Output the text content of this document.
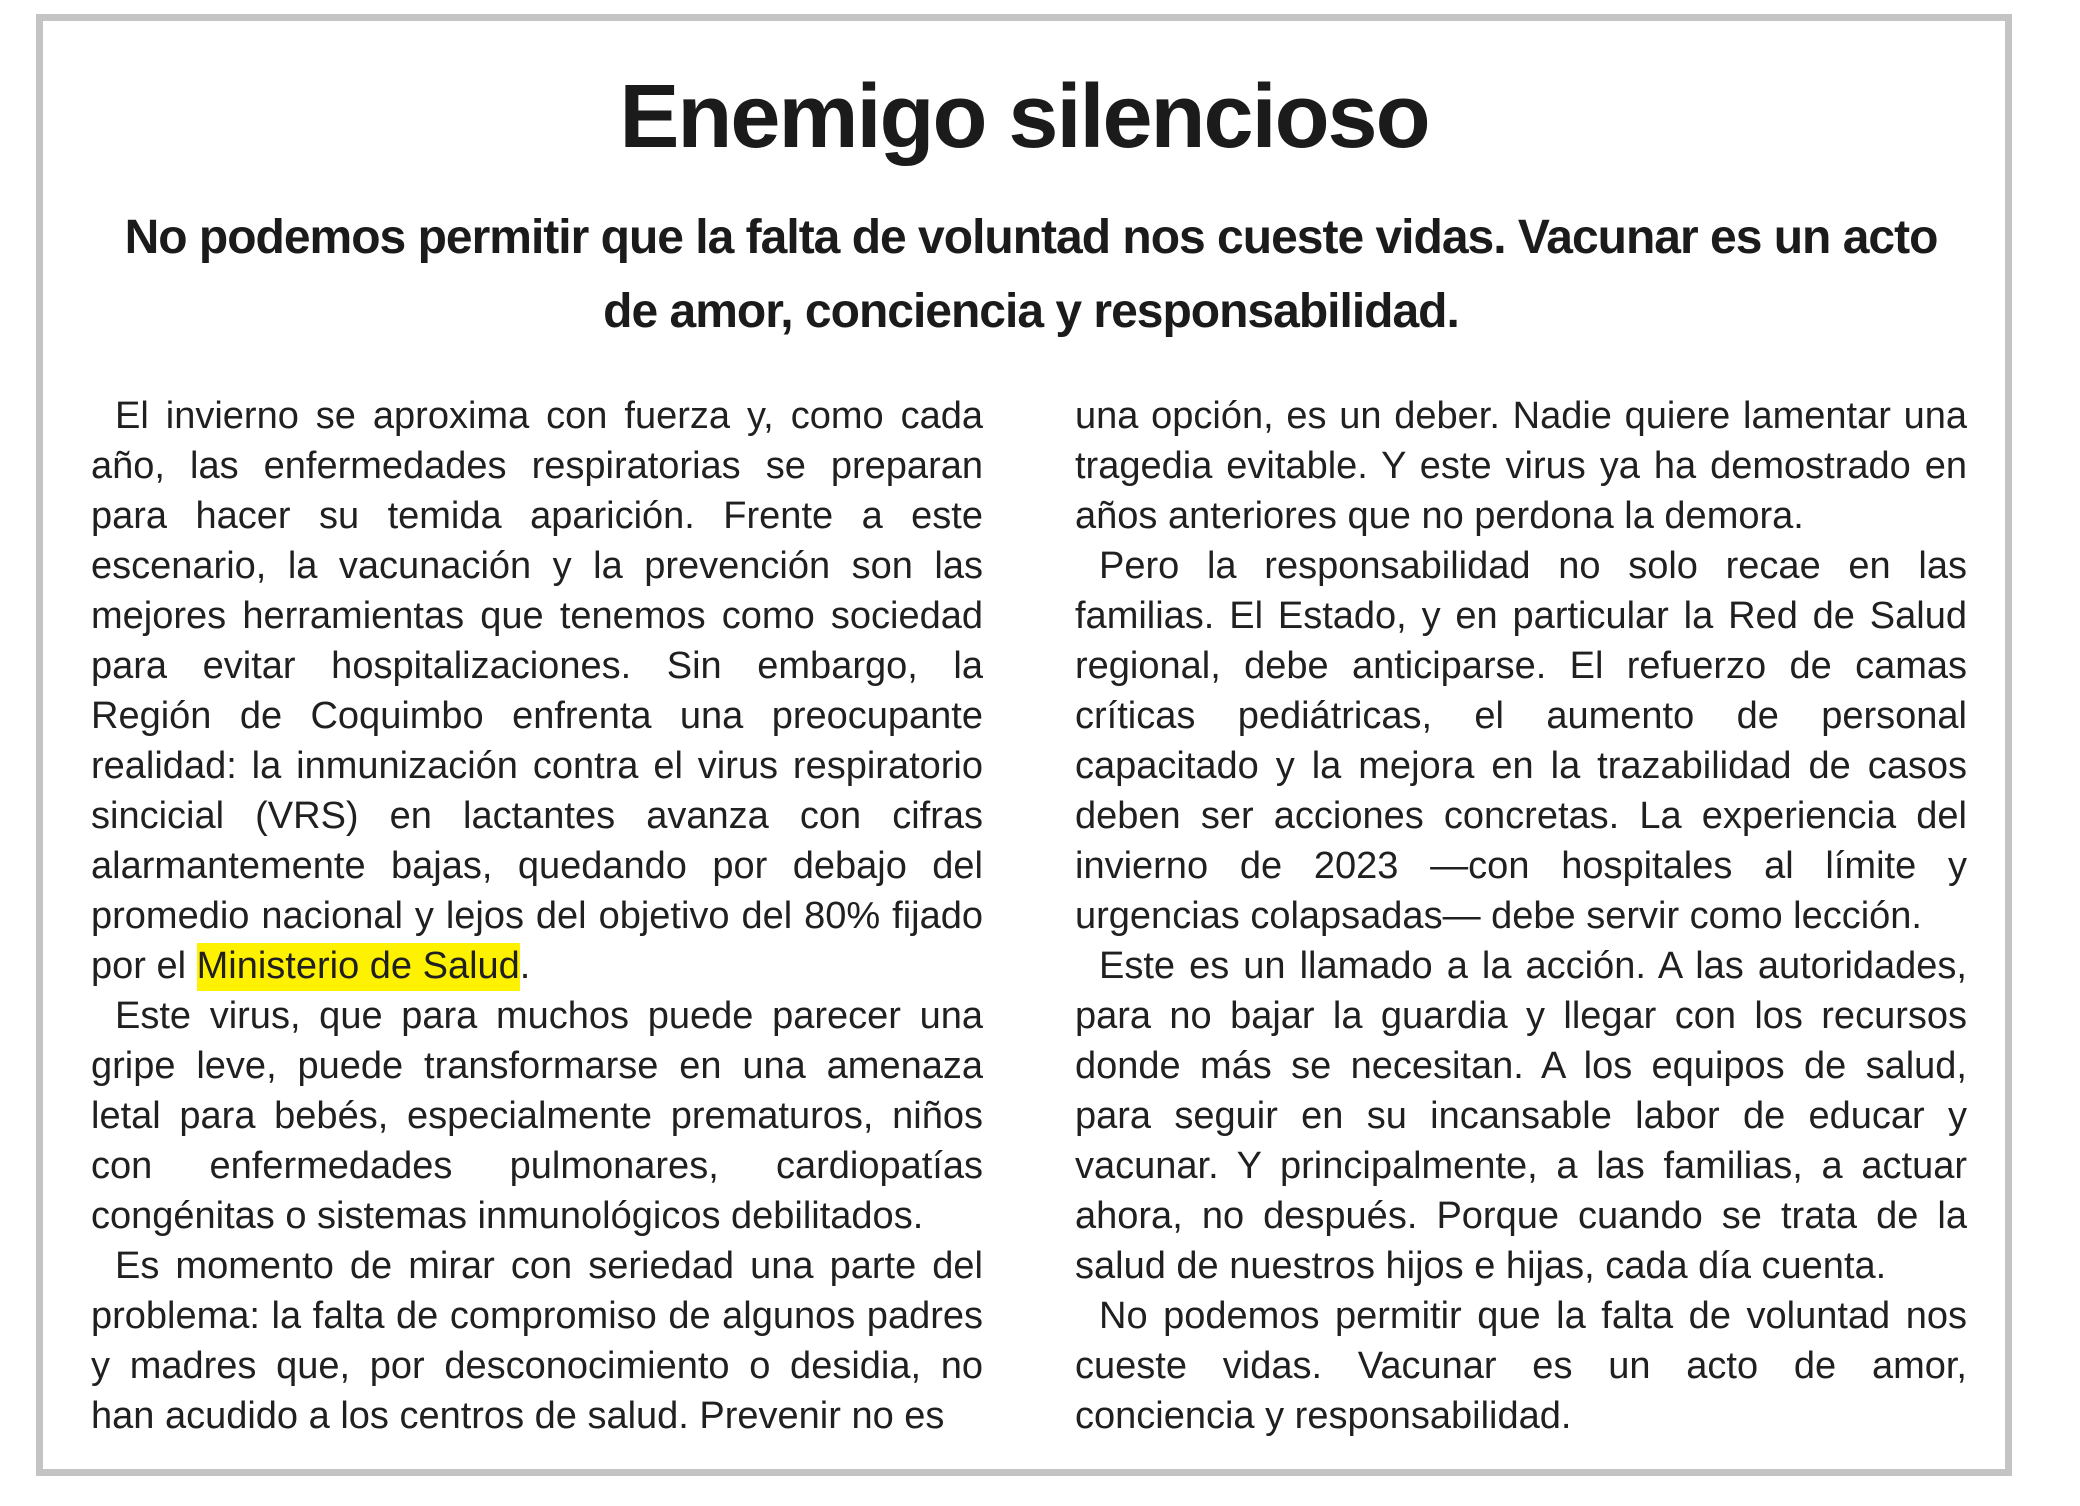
Enemigo silencioso
No podemos permitir que la falta de voluntad nos cueste vidas. Vacunar es un acto de amor, conciencia y responsabilidad.

El invierno se aproxima con fuerza y, como cada año, las enfermedades respiratorias se preparan para hacer su temida aparición. Frente a este escenario, la vacunación y la prevención son las mejores herramientas que tenemos como sociedad para evitar hospitalizaciones. Sin embargo, la Región de Coquimbo enfrenta una preocupante realidad: la inmunización contra el virus respiratorio sincicial (VRS) en lactantes avanza con cifras alarmantemente bajas, quedando por debajo del promedio nacional y lejos del objetivo del 80% fijado por el Ministerio de Salud.

Este virus, que para muchos puede parecer una gripe leve, puede transformarse en una amenaza letal para bebés, especialmente prematuros, niños con enfermedades pulmonares, cardiopatías congénitas o sistemas inmunológicos debilitados.

Es momento de mirar con seriedad una parte del problema: la falta de compromiso de algunos padres y madres que, por desconocimiento o desidia, no han acudido a los centros de salud. Prevenir no es

una opción, es un deber. Nadie quiere lamentar una tragedia evitable. Y este virus ya ha demostrado en años anteriores que no perdona la demora.

Pero la responsabilidad no solo recae en las familias. El Estado, y en particular la Red de Salud regional, debe anticiparse. El refuerzo de camas críticas pediátricas, el aumento de personal capacitado y la mejora en la trazabilidad de casos deben ser acciones concretas. La experiencia del invierno de 2023 —con hospitales al límite y urgencias colapsadas— debe servir como lección.

Este es un llamado a la acción. A las autoridades, para no bajar la guardia y llegar con los recursos donde más se necesitan. A los equipos de salud, para seguir en su incansable labor de educar y vacunar. Y principalmente, a las familias, a actuar ahora, no después. Porque cuando se trata de la salud de nuestros hijos e hijas, cada día cuenta.

No podemos permitir que la falta de voluntad nos cueste vidas. Vacunar es un acto de amor, conciencia y responsabilidad.
